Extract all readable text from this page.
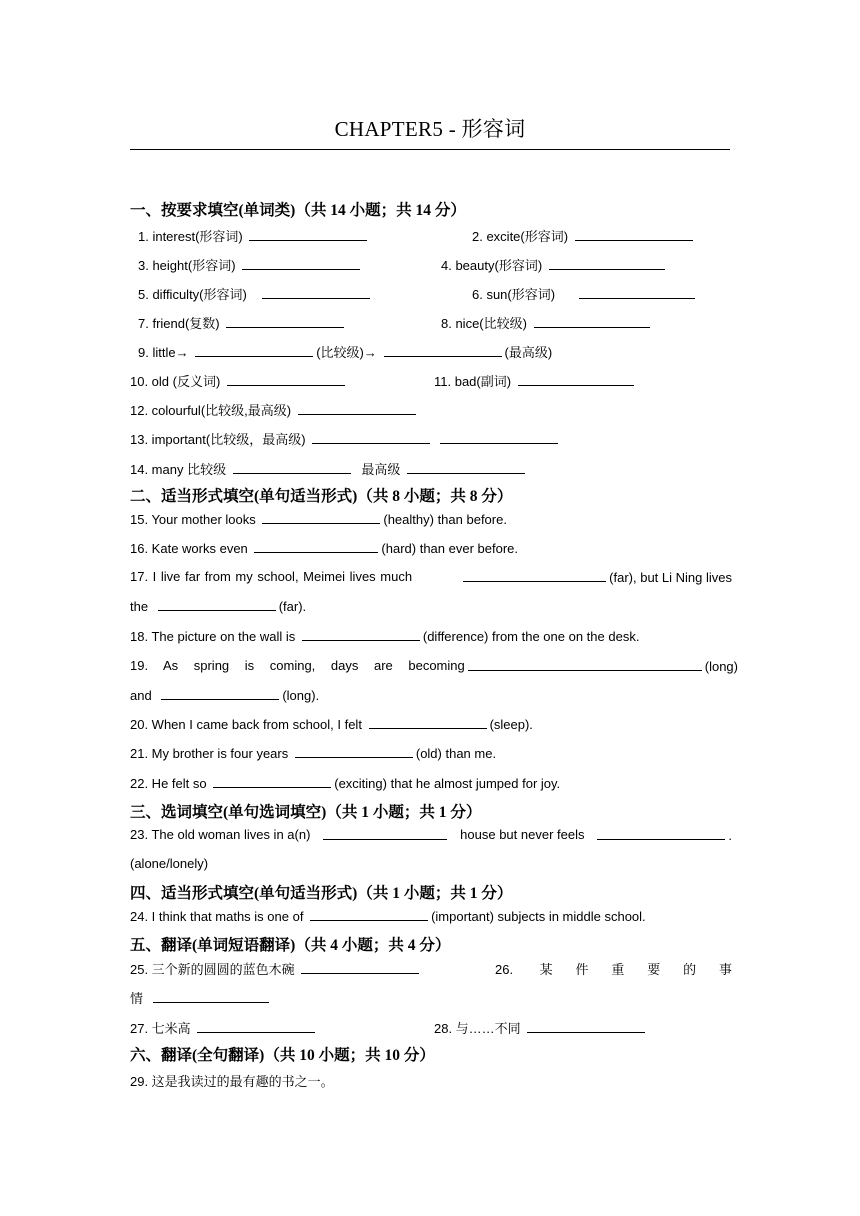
CHAPTER5 - 形容词
一、按要求填空(单词类)（共 14 小题；共 14 分）
1. interest(形容词)	2. excite(形容词)
3. height(形容词)	4. beauty(形容词)
5. difficulty(形容词)	6. sun(形容词)
7. friend(复数)	8. nice(比较级)
9. little→	(比较级)→	(最高级)
10. old (反义词)	11. bad(副词)
12. colourful(比较级,最高级)
13. important(比较级，最高级)
14. many 比较级	最高级
二、适当形式填空(单句适当形式)（共 8 小题；共 8 分）
15. Your mother looks	(healthy) than before.
16. Kate works even	(hard) than ever before.
17. I live far from my school, Meimei lives much	(far), but Li Ning lives
the	(far).
18. The picture on the wall is	(difference) from the one on the desk.
19. As spring is coming, days are becoming	(long)
and	(long).
20. When I came back from school, I felt	(sleep).
21. My brother is four years	(old) than me.
22. He felt so	(exciting) that he almost jumped for joy.
三、选词填空(单句选词填空)（共 1 小题；共 1 分）
23. The old woman lives in a(n)	house but never feels	.
(alone/lonely)
四、适当形式填空(单句适当形式)（共 1 小题；共 1 分）
24. I think that maths is one of	(important) subjects in middle school.
五、翻译(单词短语翻译)（共 4 小题；共 4 分）
25. 三个新的圆圆的蓝色木碗	26. 某件重要的事
情
27. 七米高	28. 与……不同
六、翻译(全句翻译)（共 10 小题；共 10 分）
29. 这是我读过的最有趣的书之一。
